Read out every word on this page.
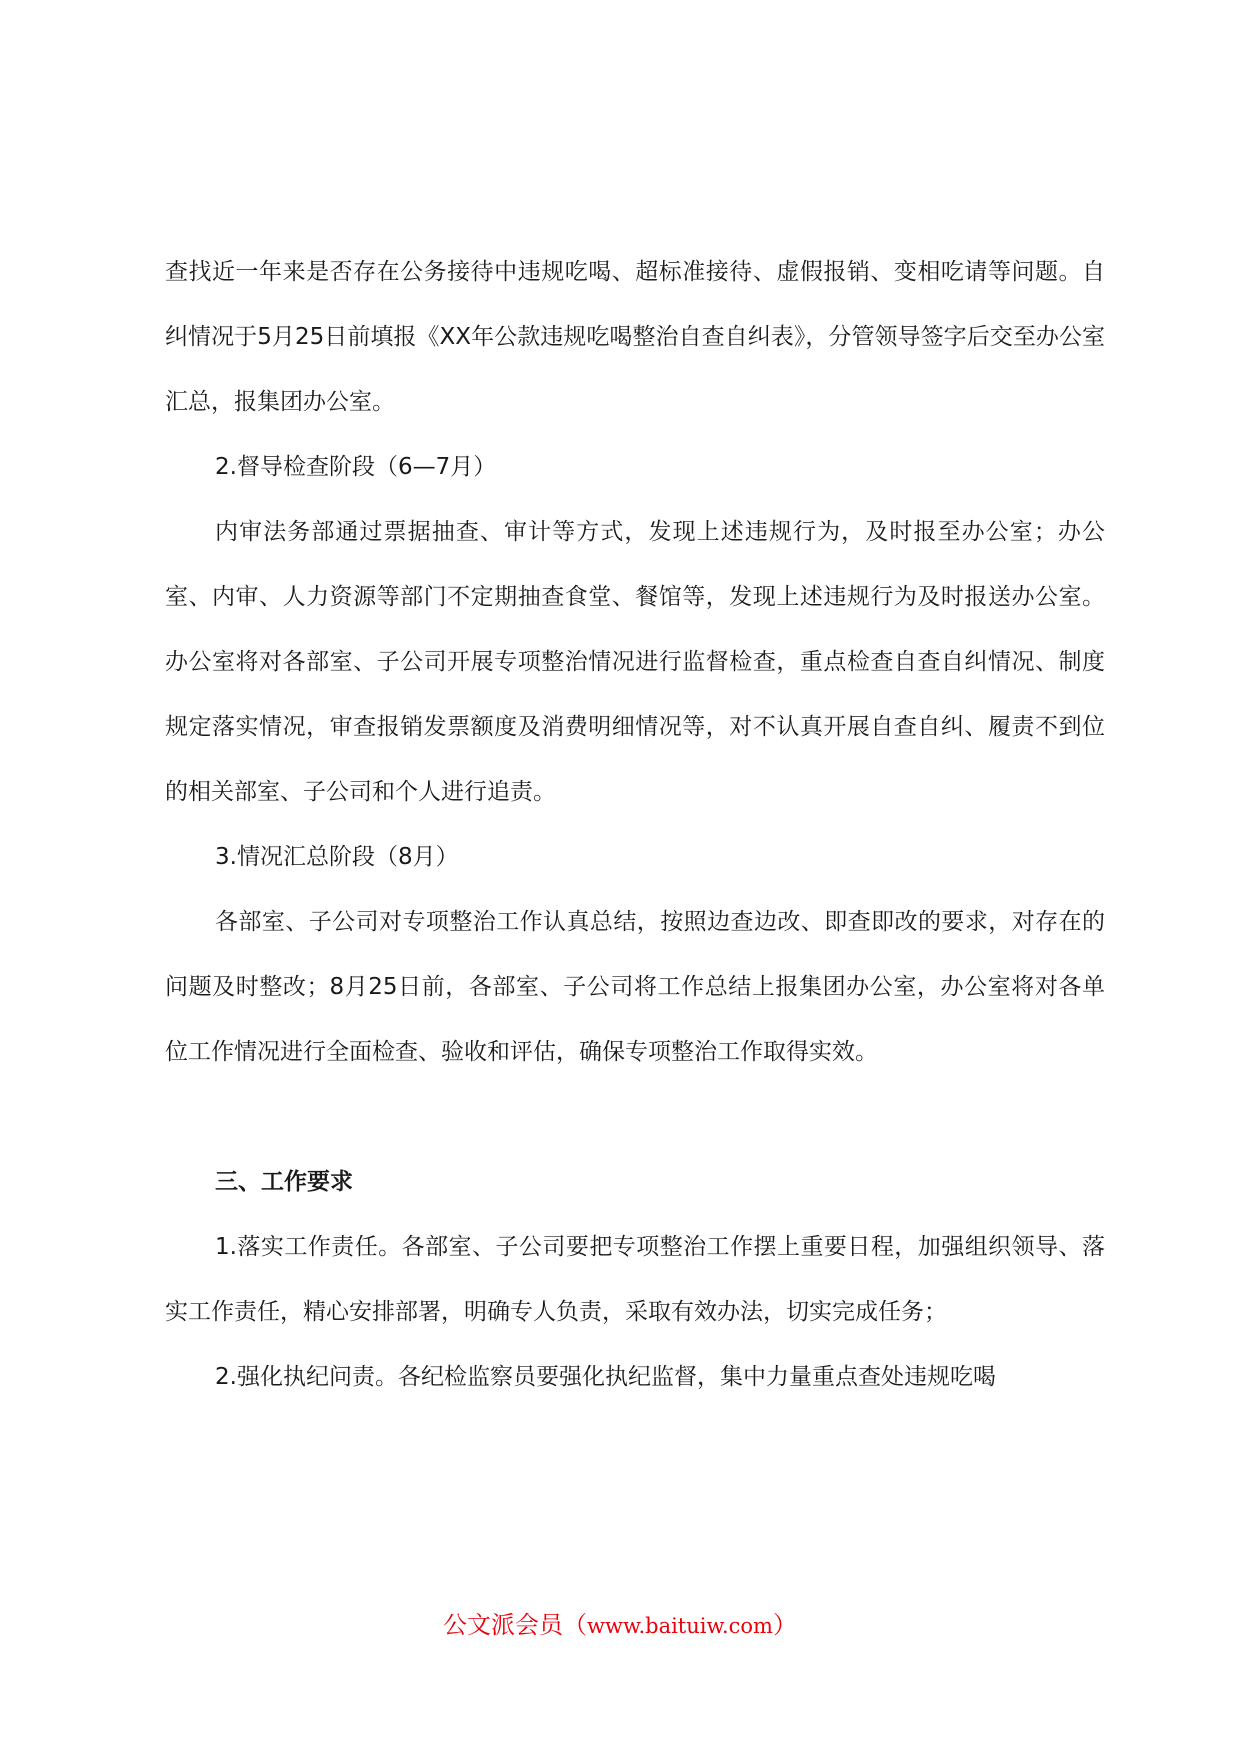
查找近一年来是否存在公务接待中违规吃喝、超标准接待、虚假报销、变相吃请等问题。自纠情况于5月25日前填报《XX年公款违规吃喝整治自查自纠表》，分管领导签字后交至办公室汇总，报集团办公室。

2.督导检查阶段（6—7月）

内审法务部通过票据抽查、审计等方式，发现上述违规行为，及时报至办公室；办公室、内审、人力资源等部门不定期抽查食堂、餐馆等，发现上述违规行为及时报送办公室。办公室将对各部室、子公司开展专项整治情况进行监督检查，重点检查自查自纠情况、制度规定落实情况，审查报销发票额度及消费明细情况等，对不认真开展自查自纠、履责不到位的相关部室、子公司和个人进行追责。

3.情况汇总阶段（8月）

各部室、子公司对专项整治工作认真总结，按照边查边改、即查即改的要求，对存在的问题及时整改；8月25日前，各部室、子公司将工作总结上报集团办公室，办公室将对各单位工作情况进行全面检查、验收和评估，确保专项整治工作取得实效。

三、工作要求

1.落实工作责任。各部室、子公司要把专项整治工作摆上重要日程，加强组织领导、落实工作责任，精心安排部署，明确专人负责，采取有效办法，切实完成任务；

2.强化执纪问责。各纪检监察员要强化执纪监督，集中力量重点查处违规吃喝

公文派会员（www.baituiw.com）
